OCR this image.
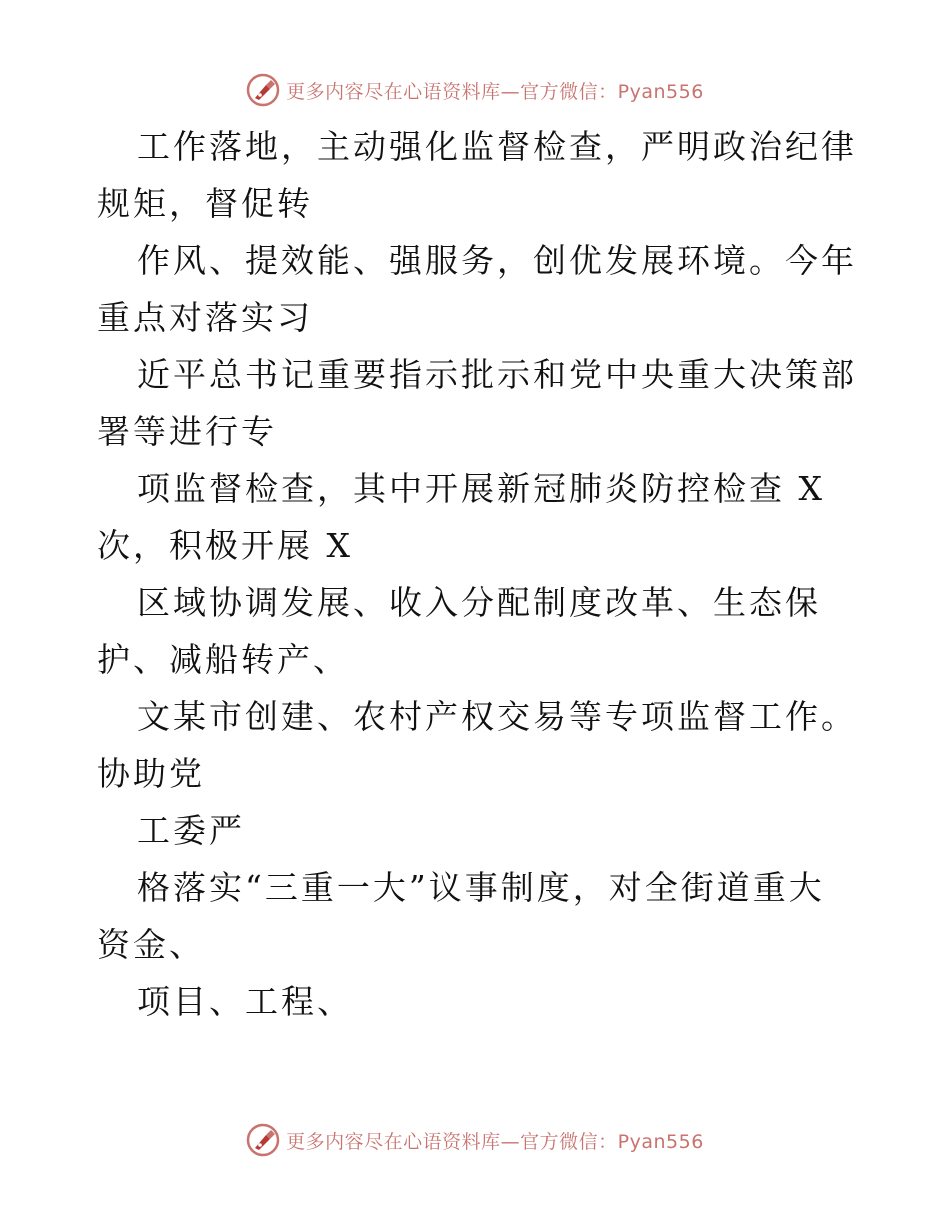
更多内容尽在心语资料库—官方微信：Pyan556

工作落地，主动强化监督检查，严明政治纪律规矩，督促转

作风、提效能、强服务，创优发展环境。今年重点对落实习

近平总书记重要指示批示和党中央重大决策部署等进行专

项监督检查，其中开展新冠肺炎防控检查 X 次，积极开展 X

区域协调发展、收入分配制度改革、生态保护、减船转产、

文某市创建、农村产权交易等专项监督工作。协助党

工委严

格落实“三重一大”议事制度，对全街道重大资金、

项目、工程、

更多内容尽在心语资料库—官方微信：Pyan556
